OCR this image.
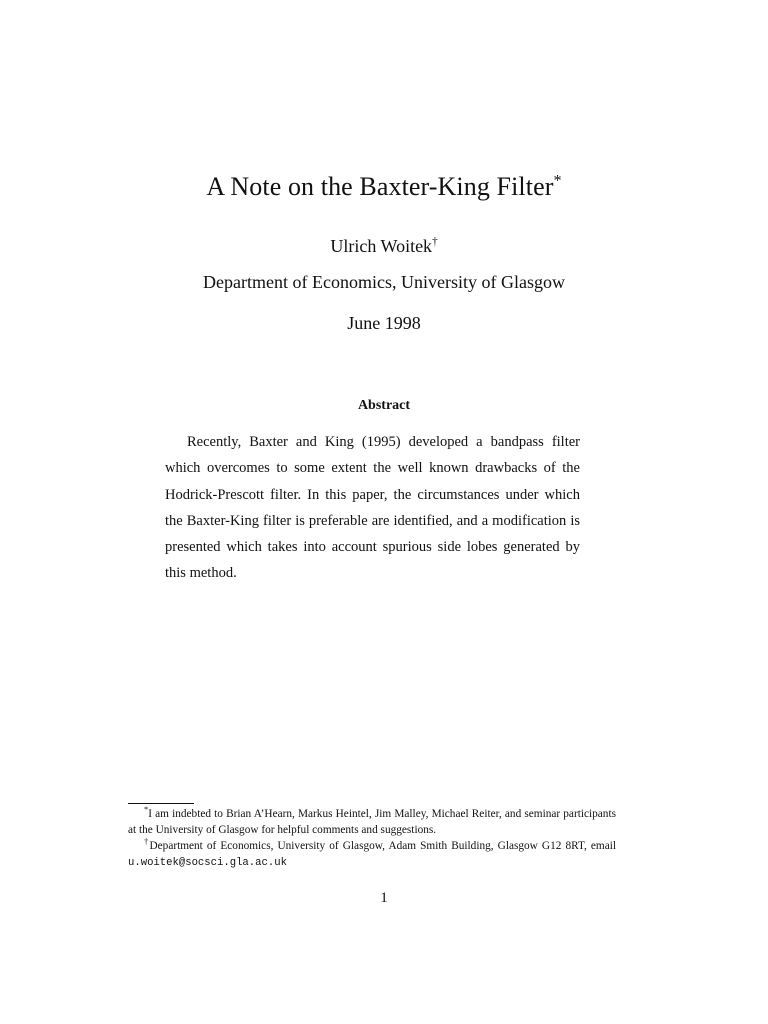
A Note on the Baxter-King Filter*
Ulrich Woitek†
Department of Economics, University of Glasgow
June 1998
Abstract

Recently, Baxter and King (1995) developed a bandpass filter which overcomes to some extent the well known drawbacks of the Hodrick-Prescott filter. In this paper, the circumstances under which the Baxter-King filter is preferable are identified, and a modification is presented which takes into account spurious side lobes generated by this method.

*I am indebted to Brian A’Hearn, Markus Heintel, Jim Malley, Michael Reiter, and seminar participants at the University of Glasgow for helpful comments and suggestions.

†Department of Economics, University of Glasgow, Adam Smith Building, Glasgow G12 8RT, email u.woitek@socsci.gla.ac.uk

1
